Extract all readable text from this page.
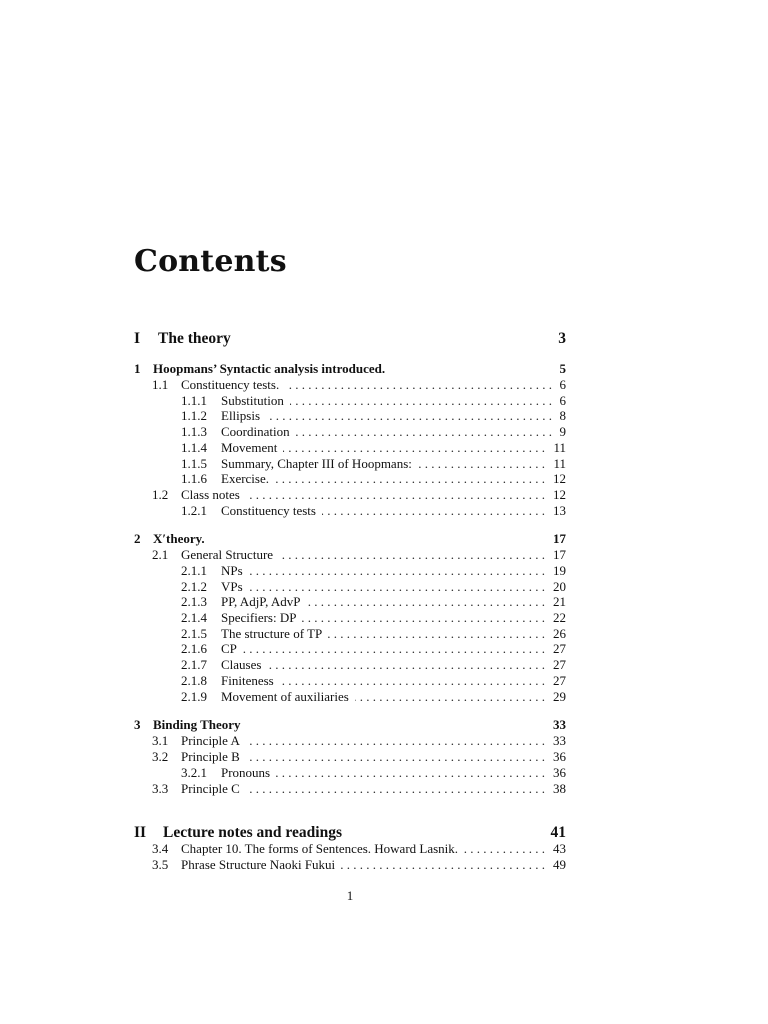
Contents
I The theory	3
1 Hoopmans’ Syntactic analysis introduced.	5
1.1 Constituency tests.	6
. . .
1.1.1 Substitution	6
. . .
1.1.2 Ellipsis	8
. . .
1.1.3 Coordination	9
. . .
1.1.4 Movement	11
. . .
1.1.5 Summary, Chapter III of Hoopmans:	11
. . .
1.1.6 Exercise.	12
. . .
1.2 Class notes	12
. . .
1.2.1 Constituency tests	13
. . .
2 X′theory.	17
2.1 General Structure	17
. . .
2.1.1 NPs	19
. . .
2.1.2 VPs	20
. . .
2.1.3 PP, AdjP, AdvP	21
. . .
2.1.4 Specifiers: DP	22
. . .
2.1.5 The structure of TP	26
. . .
2.1.6 CP	27
. . .
2.1.7 Clauses	27
. . .
2.1.8 Finiteness	27
. . .
2.1.9 Movement of auxiliaries	29
. . .
3 Binding Theory	33
3.1 Principle A	33
. . .
3.2 Principle B	36
. . .
3.2.1 Pronouns	36
. . .
3.3 Principle C	38
. . .
II Lecture notes and readings	41
3.4 Chapter 10. The forms of Sentences. Howard Lasnik.	43
. . .
3.5 Phrase Structure Naoki Fukui	49
. . .
1
